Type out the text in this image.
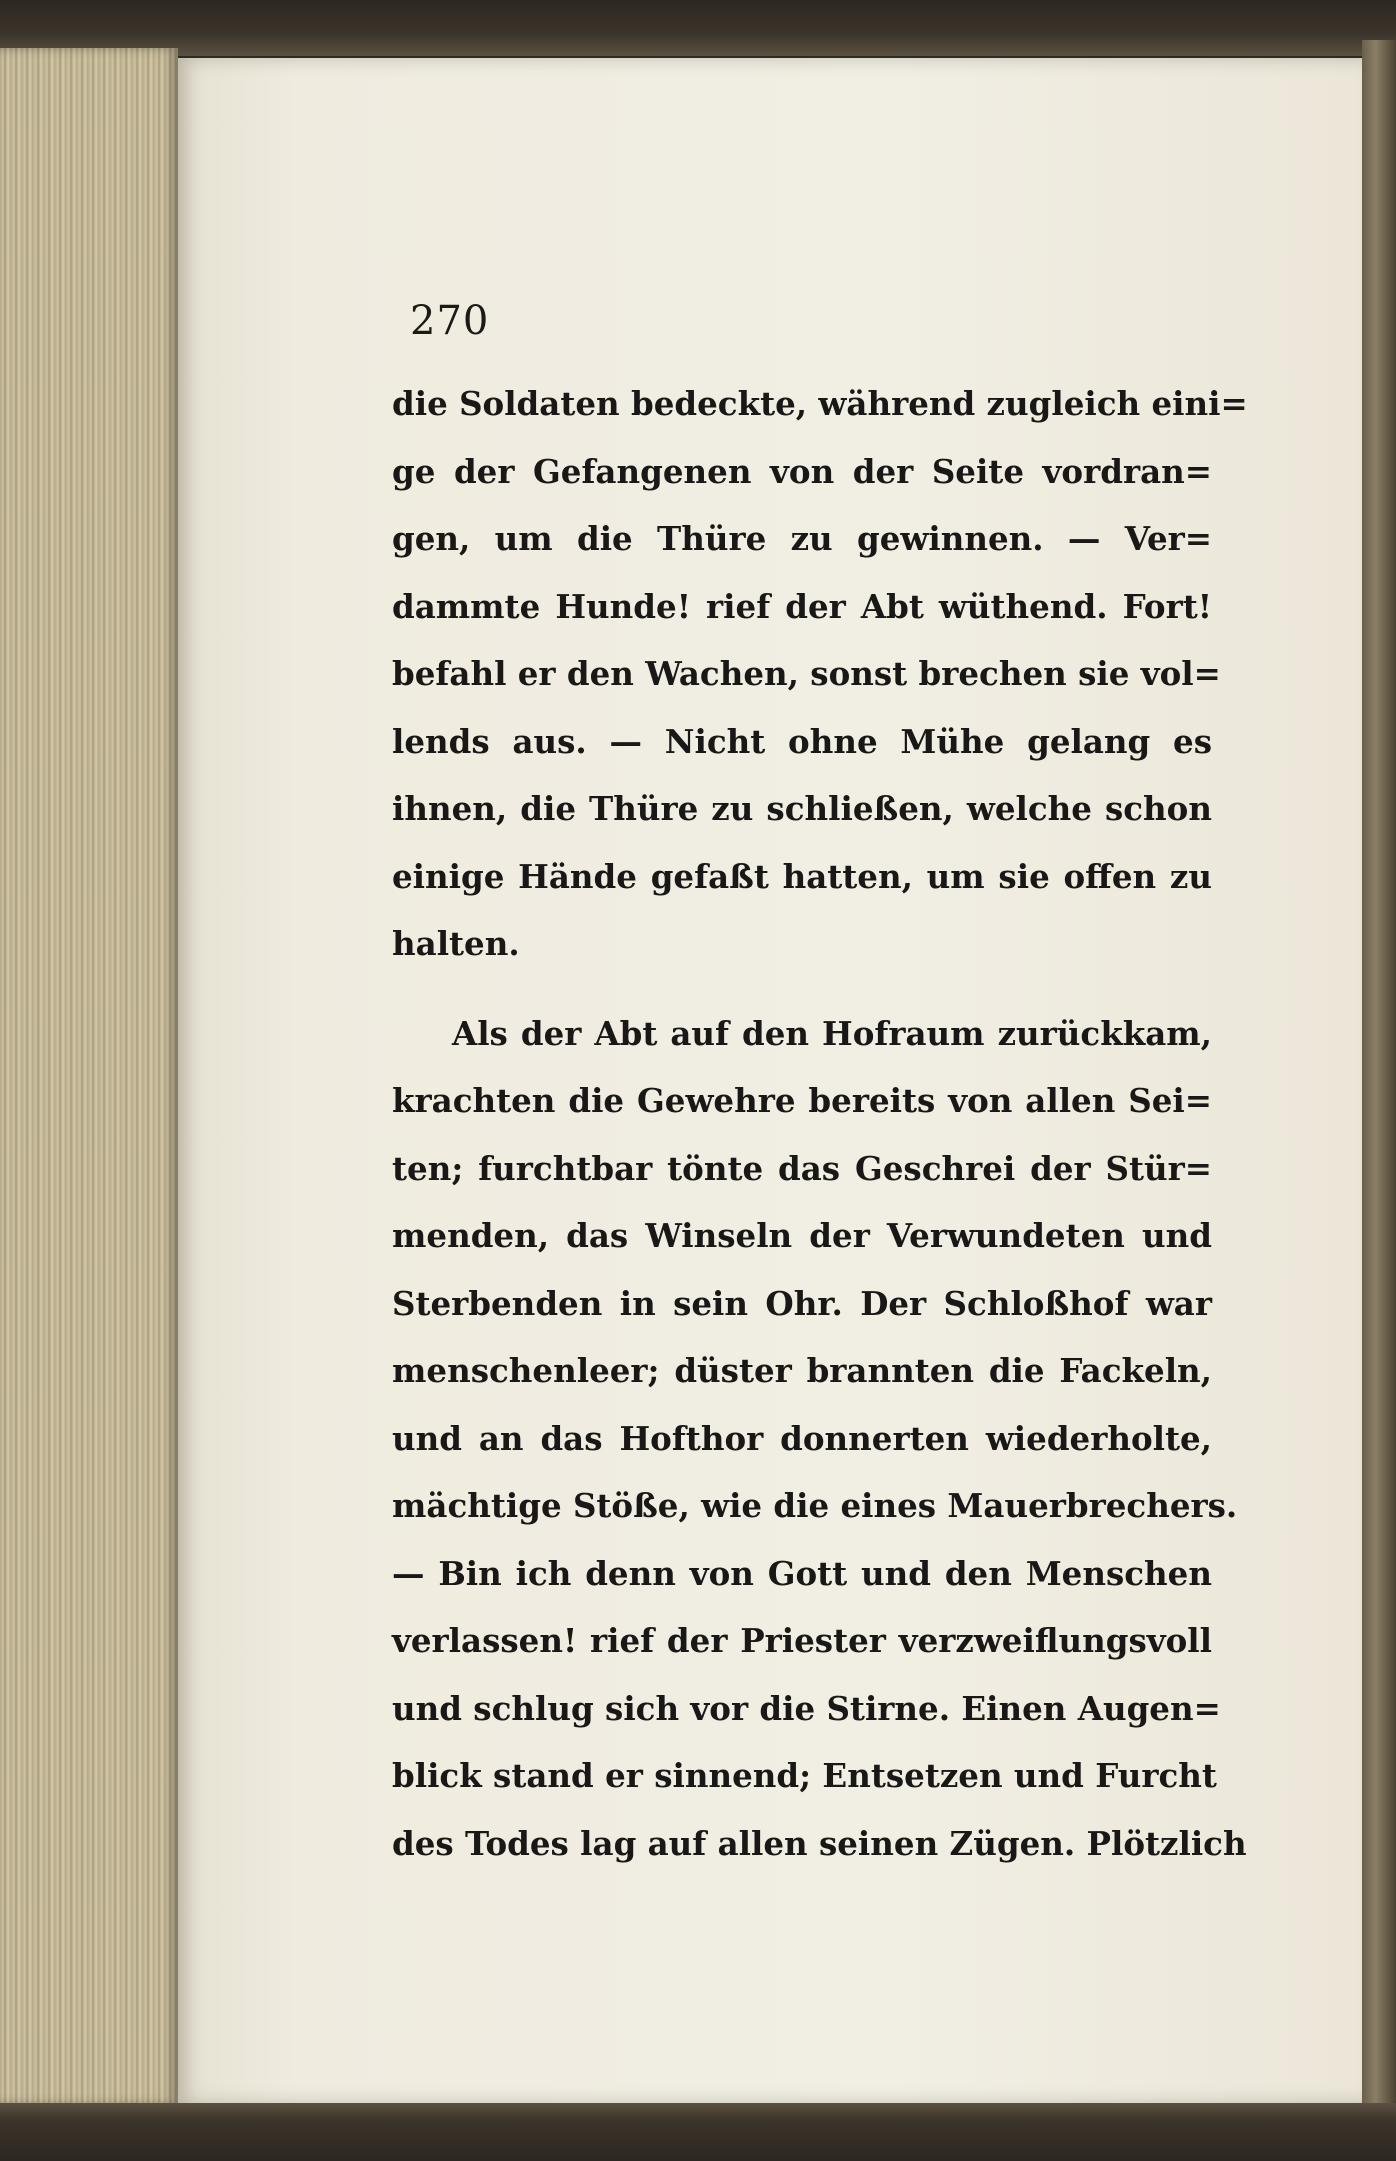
270
die Soldaten bedeckte, während zugleich eini=
ge der Gefangenen von der Seite vordran=
gen, um die Thüre zu gewinnen. — Ver=
dammte Hunde! rief der Abt wüthend. Fort!
befahl er den Wachen, sonst brechen sie vol=
lends aus. — Nicht ohne Mühe gelang es
ihnen, die Thüre zu schließen, welche schon
einige Hände gefaßt hatten, um sie offen zu
halten.
Als der Abt auf den Hofraum zurückkam,
krachten die Gewehre bereits von allen Sei=
ten; furchtbar tönte das Geschrei der Stür=
menden, das Winseln der Verwundeten und
Sterbenden in sein Ohr. Der Schloßhof war
menschenleer; düster brannten die Fackeln,
und an das Hofthor donnerten wiederholte,
mächtige Stöße, wie die eines Mauerbrechers.
— Bin ich denn von Gott und den Menschen
verlassen! rief der Priester verzweiflungsvoll
und schlug sich vor die Stirne. Einen Augen=
blick stand er sinnend; Entsetzen und Furcht
des Todes lag auf allen seinen Zügen. Plötzlich
